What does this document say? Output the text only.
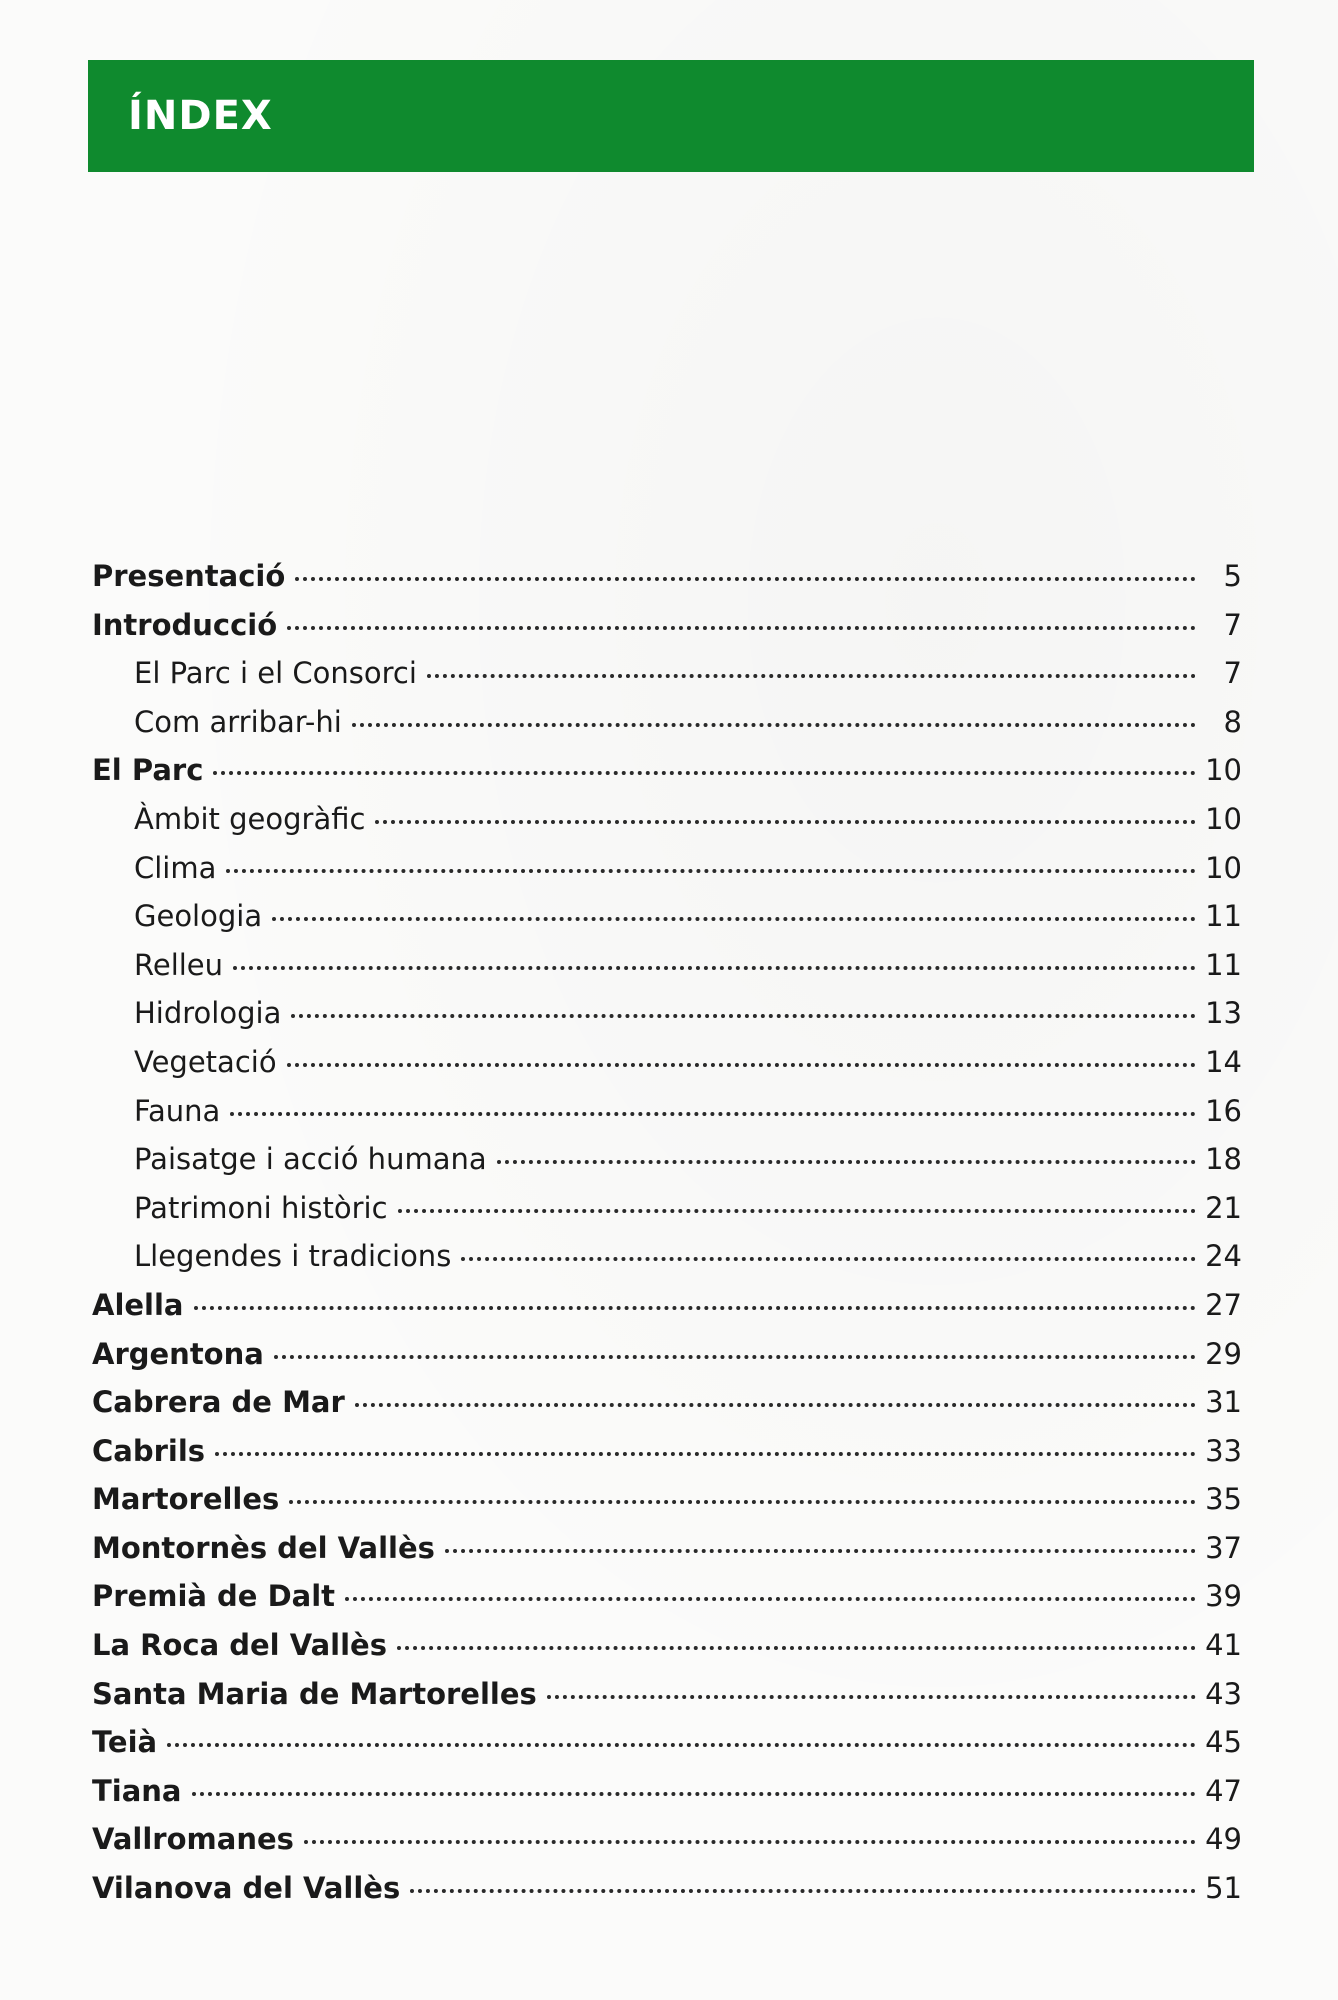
ÍNDEX
Presentació	5
Introducció	7
El Parc i el Consorci	7
Com arribar-hi	8
El Parc	10
Àmbit geogràfic	10
Clima	10
Geologia	11
Relleu	11
Hidrologia	13
Vegetació	14
Fauna	16
Paisatge i acció humana	18
Patrimoni històric	21
Llegendes i tradicions	24
Alella	27
Argentona	29
Cabrera de Mar	31
Cabrils	33
Martorelles	35
Montornès del Vallès	37
Premià de Dalt	39
La Roca del Vallès	41
Santa Maria de Martorelles	43
Teià	45
Tiana	47
Vallromanes	49
Vilanova del Vallès	51
